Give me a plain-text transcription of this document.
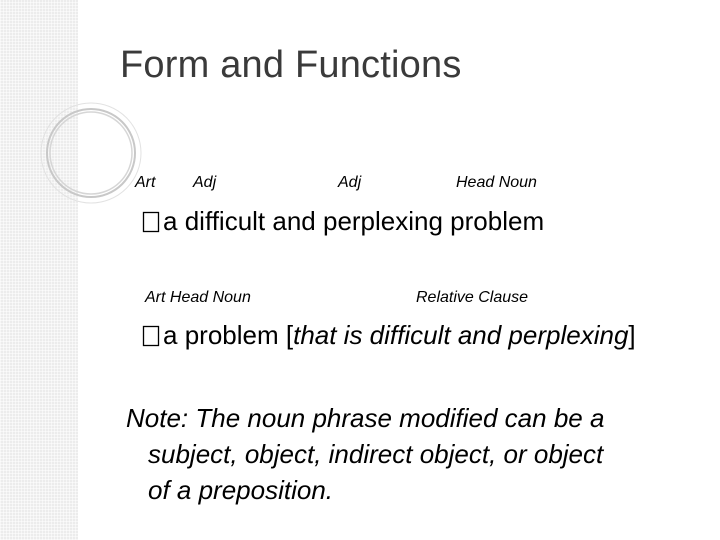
Form and Functions
Art Adj	Adj	Head Noun
a difficult and perplexing problem
Art Head Noun	Relative Clause
a problem [that is difficult and perplexing]
Note: The noun phrase modified can be a
subject, object, indirect object, or object
of a preposition.
